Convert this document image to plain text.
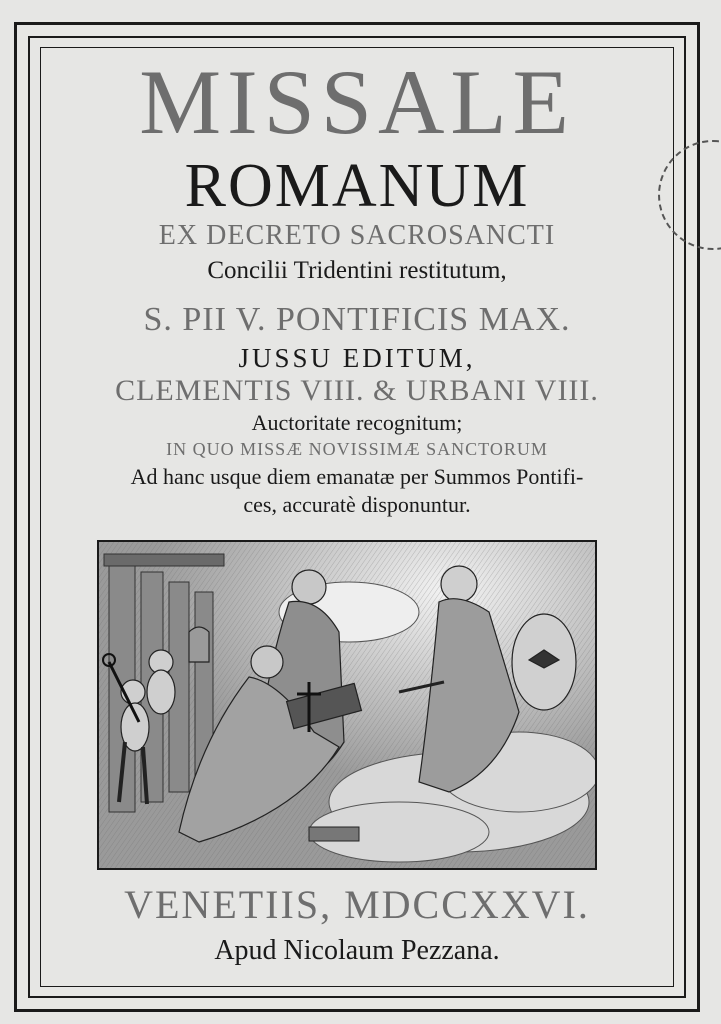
MISSALE

ROMANUM

EX DECRETO SACROSANCTI

Concilii Tridentini restitutum,

S. PII V. PONTIFICIS MAX.

JUSSU EDITUM,

CLEMENTIS VIII. & URBANI VIII.

Auctoritate recognitum;

IN QUO MISSÆ NOVISSIMÆ SANCTORUM

Ad hanc usque diem emanatæ per Summos Pontifi-

ces, accuratè disponuntur.

VENETIIS, MDCCXXVI.

Apud Nicolaum Pezzana.
